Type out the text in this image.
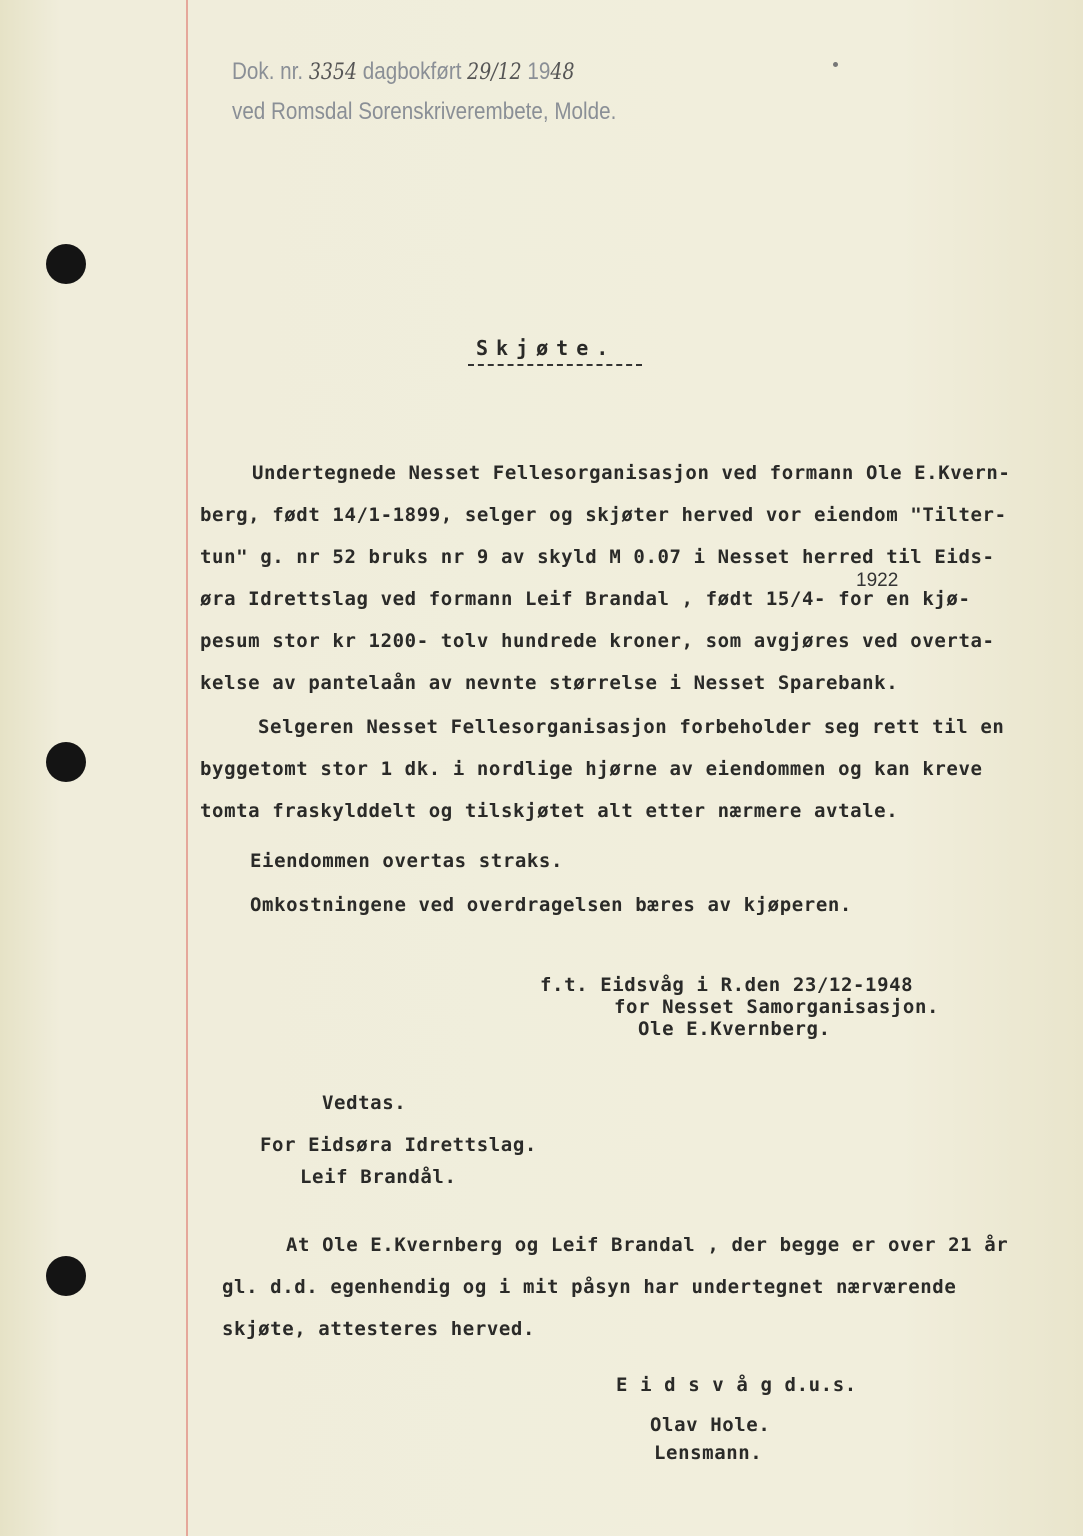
Dok. nr. 3354 dagbokført 29/12 1948
ved Romsdal Sorenskriverembete, Molde.
Skjøte.
Undertegnede Nesset Fellesorganisasjon ved formann Ole E.Kvern-
berg, født 14/1-1899, selger og skjøter herved vor eiendom "Tilter-
tun" g. nr 52 bruks nr 9 av skyld M 0.07 i Nesset herred til Eids-
1922
øra Idrettslag ved formann Leif Brandal , født 15/4- for en kjø-
pesum stor kr 1200- tolv hundrede kroner, som avgjøres ved overta-
kelse av pantelaån av nevnte størrelse i Nesset Sparebank.
Selgeren Nesset Fellesorganisasjon forbeholder seg rett til en
byggetomt stor 1 dk. i nordlige hjørne av eiendommen og kan kreve
tomta fraskylddelt og tilskjøtet alt etter nærmere avtale.
Eiendommen overtas straks.
Omkostningene ved overdragelsen bæres av kjøperen.
f.t. Eidsvåg i R.den 23/12-1948
for Nesset Samorganisasjon.
Ole E.Kvernberg.
Vedtas.
For Eidsøra Idrettslag.
Leif Brandål.
At Ole E.Kvernberg og Leif Brandal , der begge er over 21 år
gl. d.d. egenhendig og i mit påsyn har undertegnet nærværende
skjøte, attesteres herved.
E i d s v å g d.u.s.
Olav Hole.
Lensmann.
